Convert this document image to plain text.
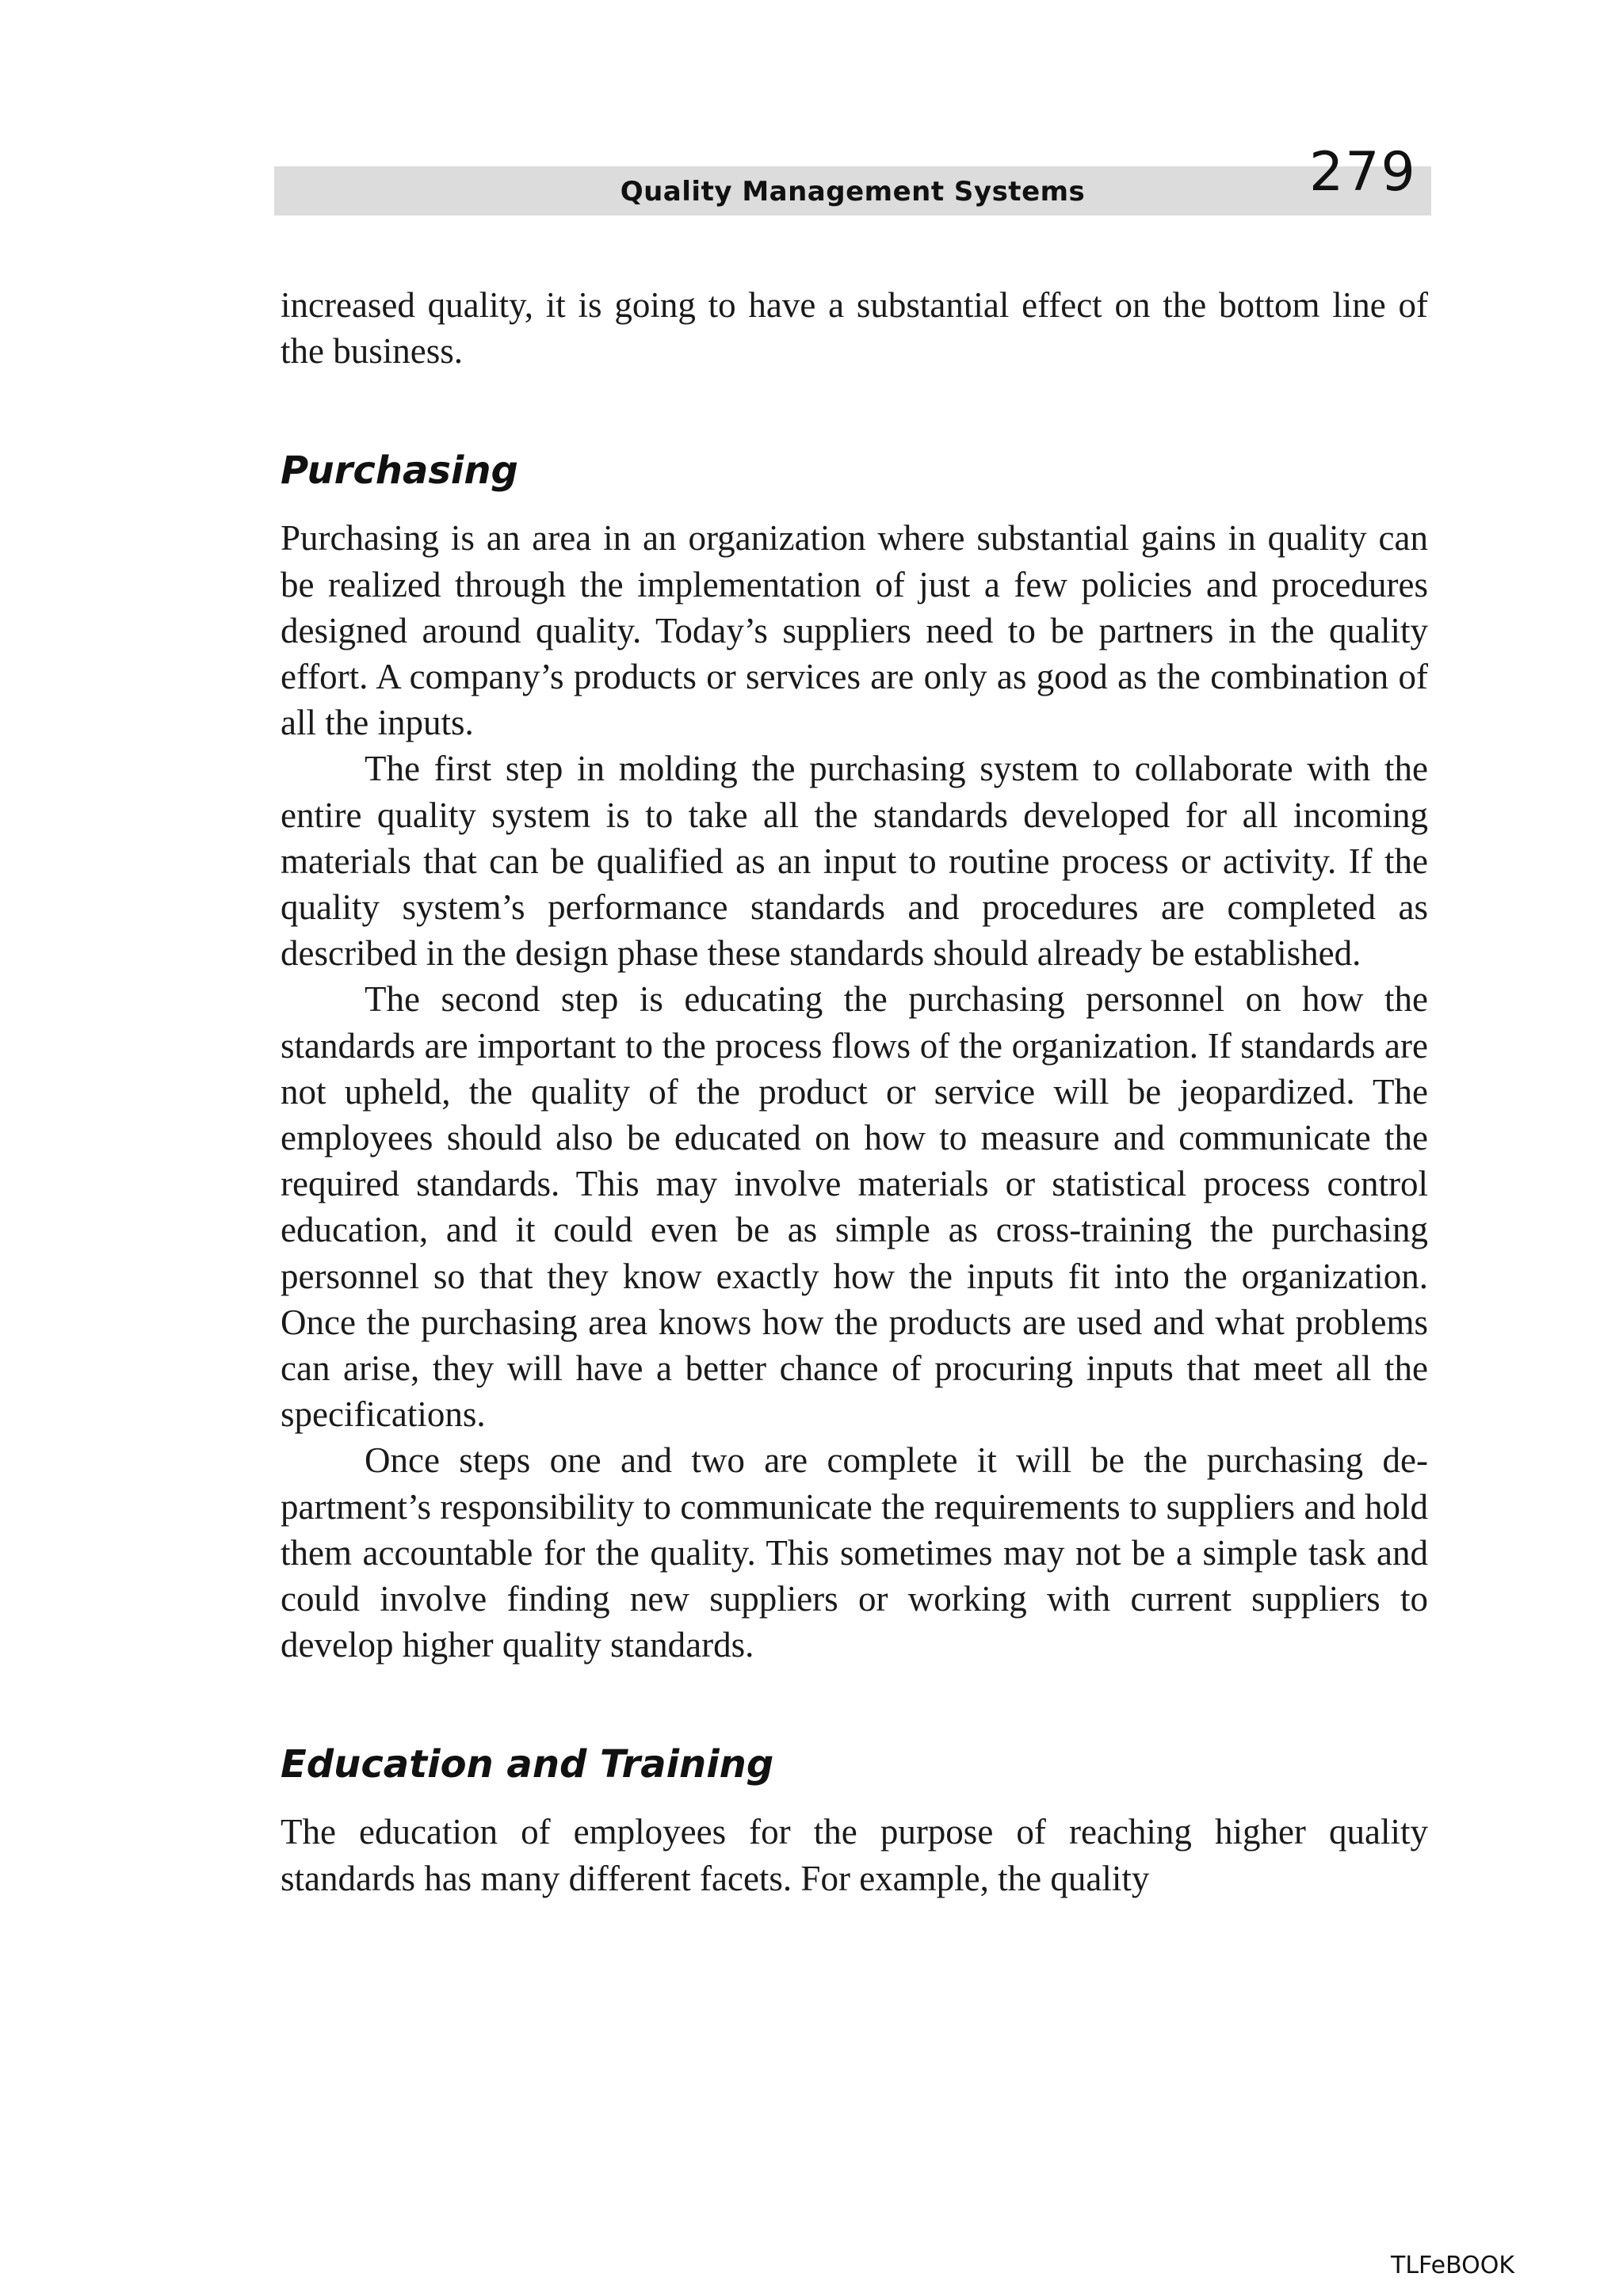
Quality Management Systems	279

increased quality, it is going to have a substantial effect on the bottom line of the business.

Purchasing

Purchasing is an area in an organization where substantial gains in quality can be realized through the implementation of just a few policies and procedures designed around quality. Today’s suppliers need to be partners in the quality effort. A company’s products or services are only as good as the combination of all the inputs.

The first step in molding the purchasing system to collaborate with the entire quality system is to take all the standards developed for all incoming materials that can be qualified as an input to routine process or activity. If the quality system’s performance standards and procedures are completed as described in the design phase these standards should already be established.

The second step is educating the purchasing personnel on how the standards are important to the process flows of the organization. If standards are not upheld, the quality of the product or service will be jeopardized. The employees should also be educated on how to measure and communicate the required standards. This may involve materials or statistical process control education, and it could even be as simple as cross-training the purchasing personnel so that they know exactly how the inputs fit into the organization. Once the purchasing area knows how the products are used and what problems can arise, they will have a better chance of procuring inputs that meet all the specifications.

Once steps one and two are complete it will be the purchasing department’s responsibility to communicate the requirements to suppliers and hold them accountable for the quality. This sometimes may not be a simple task and could involve finding new suppliers or working with current suppliers to develop higher quality standards.

Education and Training

The education of employees for the purpose of reaching higher quality standards has many different facets. For example, the quality

TLFeBOOK
